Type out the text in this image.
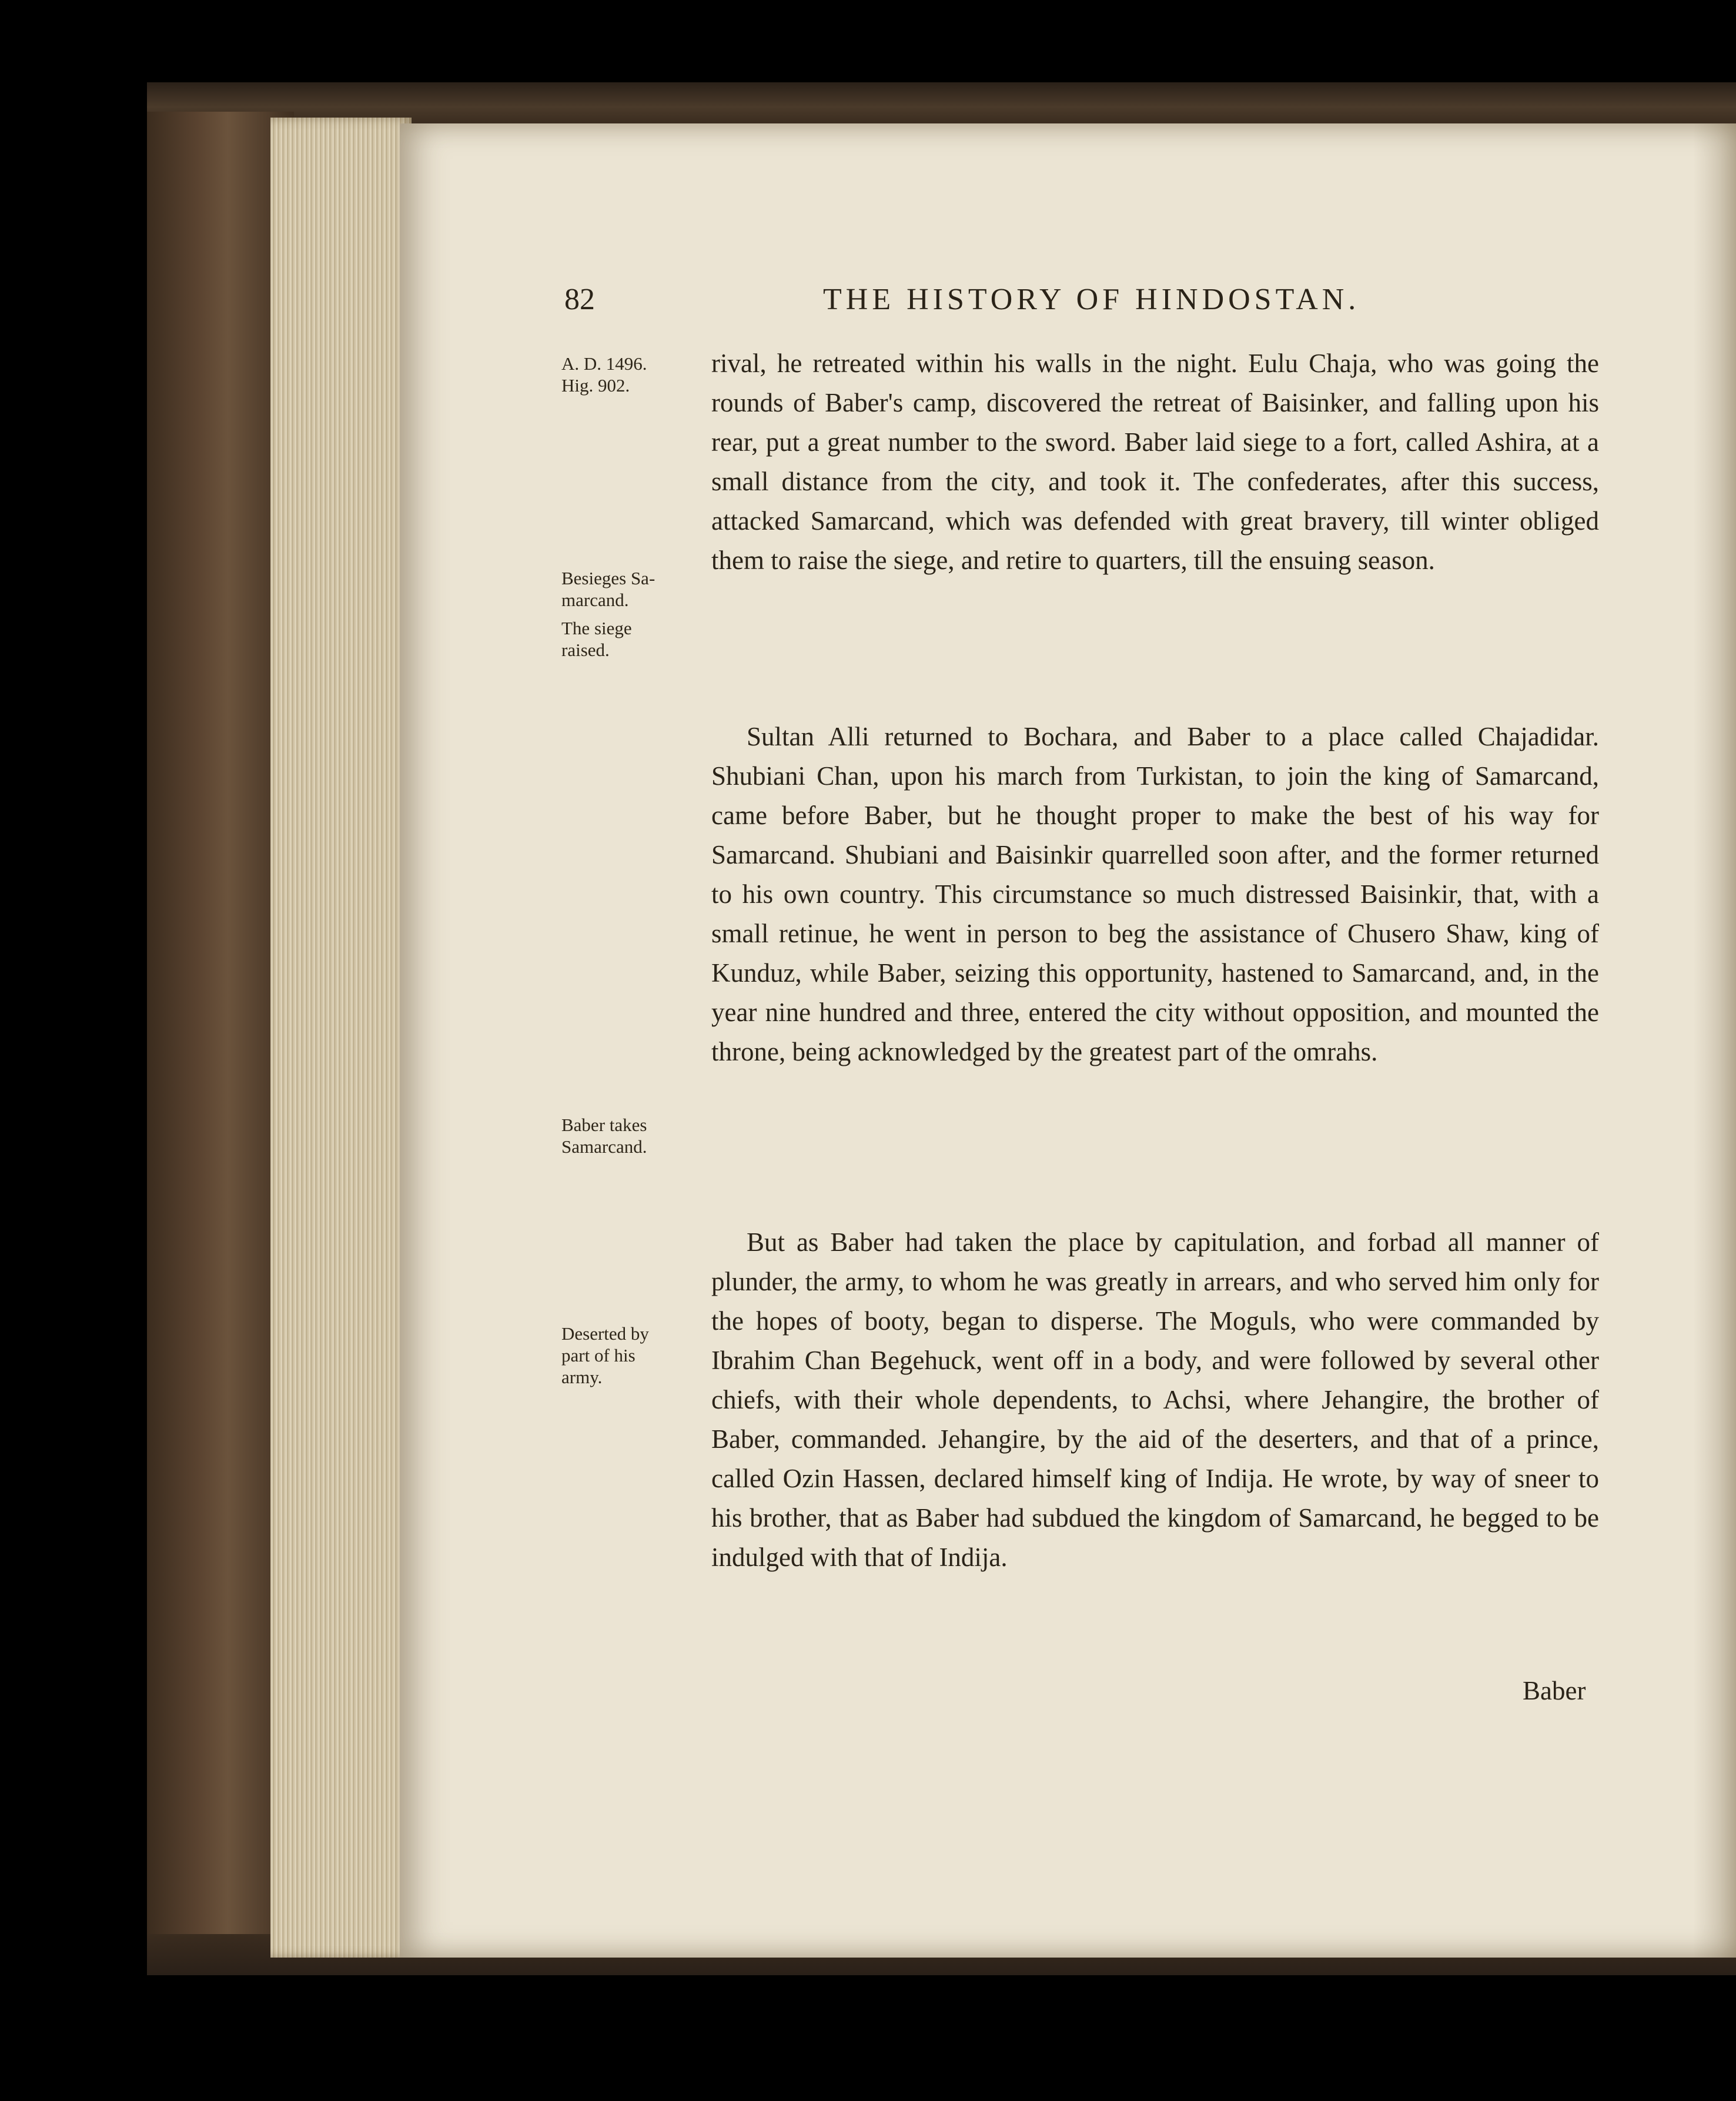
82	THE HISTORY OF HINDOSTAN.
A. D. 1496.
Hig. 902.
Besieges Sa-
marcand.
The siege
raised.
Baber takes
Samarcand.
Deserted by
part of his
army.

rival, he retreated within his walls in the night. Eulu Chaja, who was going the rounds of Baber's camp, discovered the retreat of Baisinker, and falling upon his rear, put a great number to the sword. Baber laid siege to a fort, called Ashira, at a small distance from the city, and took it. The confederates, after this success, attacked Samarcand, which was defended with great bravery, till winter obliged them to raise the siege, and retire to quarters, till the ensuing season.

Sultan Alli returned to Bochara, and Baber to a place called Chajadidar. Shubiani Chan, upon his march from Turkistan, to join the king of Samarcand, came before Baber, but he thought proper to make the best of his way for Samarcand. Shubiani and Baisinkir quarrelled soon after, and the former returned to his own country. This circumstance so much distressed Baisinkir, that, with a small retinue, he went in person to beg the assistance of Chusero Shaw, king of Kunduz, while Baber, seizing this opportunity, hastened to Samarcand, and, in the year nine hundred and three, entered the city without opposition, and mounted the throne, being acknowledged by the greatest part of the omrahs.

But as Baber had taken the place by capitulation, and forbad all manner of plunder, the army, to whom he was greatly in arrears, and who served him only for the hopes of booty, began to disperse. The Moguls, who were commanded by Ibrahim Chan Begehuck, went off in a body, and were followed by several other chiefs, with their whole dependents, to Achsi, where Jehangire, the brother of Baber, commanded. Jehangire, by the aid of the deserters, and that of a prince, called Ozin Hassen, declared himself king of Indija. He wrote, by way of sneer to his brother, that as Baber had subdued the kingdom of Samarcand, he begged to be indulged with that of Indija.

Baber
